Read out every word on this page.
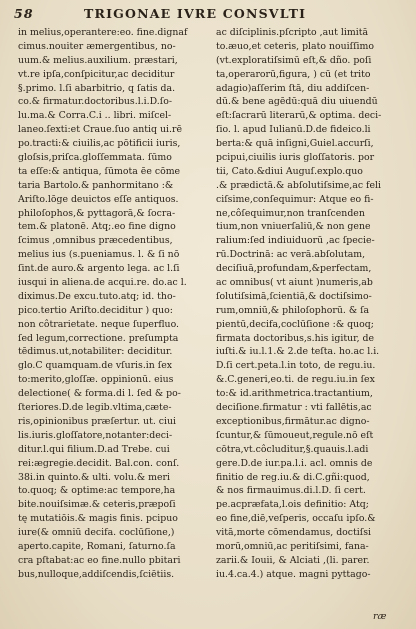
58	TRIGONAE IVRE CONSVLTI
in melius,operantere:eo. fine.dignaf
cimus.nouiter æmergentibus, no-
uum.& melius.auxilium. præstari,
vt.re ipſa,conſpicitur,ac deciditur
§.primo. l.ſi abarbitrio, q ſatis da.
co.& firmatur.doctoribus.l.i.D.ſo-
lu.ma.& Corra.C.i .. libri. miſcel-
laneo.ſexti:et Craue.ſuo antiq ui.rē
po.tracti:& ciuilis,ac pōtificii iuris,
gloſsis,priſca.gloſſemmata. ſūmo
ta eſſe:& antiqua, ſūmota ēe cōme
taria Bartolo.& panhormitano :&
Ariſto.lōge deuictos eſſe antiquos.
philoſophos,& pyttagorā,& ſocra-
tem.& platonē. Atq;.eo fine digno
ſcimus ,omnibus præcedentibus,
melius ius (s.pueniamus. l. & ſi nō
ſint.de auro.& argento lega. ac l.ſi
iusqui in aliena.de acqui.re. do.ac l.
diximus.De excu.tuto.atq; id. tho-
pico.tertio Ariſto.deciditur ) quo:
non côtrarietate. neque ſuperfluo.
ſed legum,correctione. preſumpta
tēdimus.ut,notabiliter: deciditur.
glo.C quamquam.de vſuris.in ſex
to:merito,gloſſæ. oppinionū. eius
delectione( & forma.di l. ſed & po-
ſteriores.D.de legib.vltima,cæte-
ris,opinionibus præſertur. ut. ciui
lis.iuris.gloſſatore,notanter:deci-
ditur.l.qui filium.D.ad Trebe. cui
rei:ægregie.decidit. Bal.con. conſ.
38i.in quinto.& ulti. volu.& meri
to.quoq; & optime:ac tempore,ha
bite.nouiſsimæ.& ceteris,præpoſi
tę mutatiōis.& magis finis. pcipuo
iure(& omniū decifa. coclūſione,)
aperto.capite, Romani, ſaturno.ſa
cra pſtabat:ac eo fine.nullo pbitari
bus,nulloque,addiſcendis,ſciētiis.
ac diſciplinis.pſcripto ,aut limitā
to.æuo,et ceteris, plato nouiſſimo
(vt.exploratiſsimū eſt,& dño. poſi
ta,operarorū,figura, ) cū (et trito
adagio)aſſerim ſtā, diu addiſcen-
dū.& bene agēdū:quā diu uiuendū
eſt:ſacrarū literarū,& optima. deci-
ſio. l. apud Iulianū.D.de fideico.li
berta:& quā inſigni,Guiel.accurſi,
pcipui,ciuilis iuris gloſſatoris. por
tii, Cato.&diui Auguſ.explo.quo
.& prædictā.& abſolutiſsime,ac feli
ciſsime,conſequimur: Atque eo fi-
ne,côſequimur,non tranſcenden
tium,non vniuerſaliū,& non gene
ralium:ſed indiuiduorū ,ac ſpecie-
rū.Doctrinā: ac verā.abſolutam,
deciſiuā,profundam,&perfectam,
ac omnibus( vt aiunt )numeris,ab
ſolutiſsimā,ſcientiā,& doctiſsimo-
rum,omniū,& philoſophorū. & ſa
pientū,decifa,coclūſione :& quoq;
firmata doctoribus,s.his igitur, de
iuſti.& iu.l.1.& 2.de teſta. ho.ac l.i.
D.ſi cert.peta.l.in toto, de regu.iu.
&.C.generi,eo.ti. de regu.iu.in ſex
to:& id.arithmetrica.tractantium,
deciſione.firmatur : vti fallētis,ac
exceptionibus,firmātur.ac digno-
ſcuntur,& ſūmoueut,regule.nō eſt
cōtra,vt.côcluditur,§.quauis.l.adi
gere.D.de iur.pa.l.i. acl. omnis de
finitio de reg.iu.& di.C.gñi:quod,
& nos firmauimus.di.l.D. ſi cert.
pe.acpræfata,l.ois definitio: Atq;
eo fine,diē,veſperis, occaſu ipſo.&
vitā,morte cōmendamus, doctiſsi
morū,omniū,ac peritiſsimi, fana-
zarii.& Iouii, & Alciati ,(li. parer.
iu.4.ca.4.) atque. magni pyttago-
ræ
